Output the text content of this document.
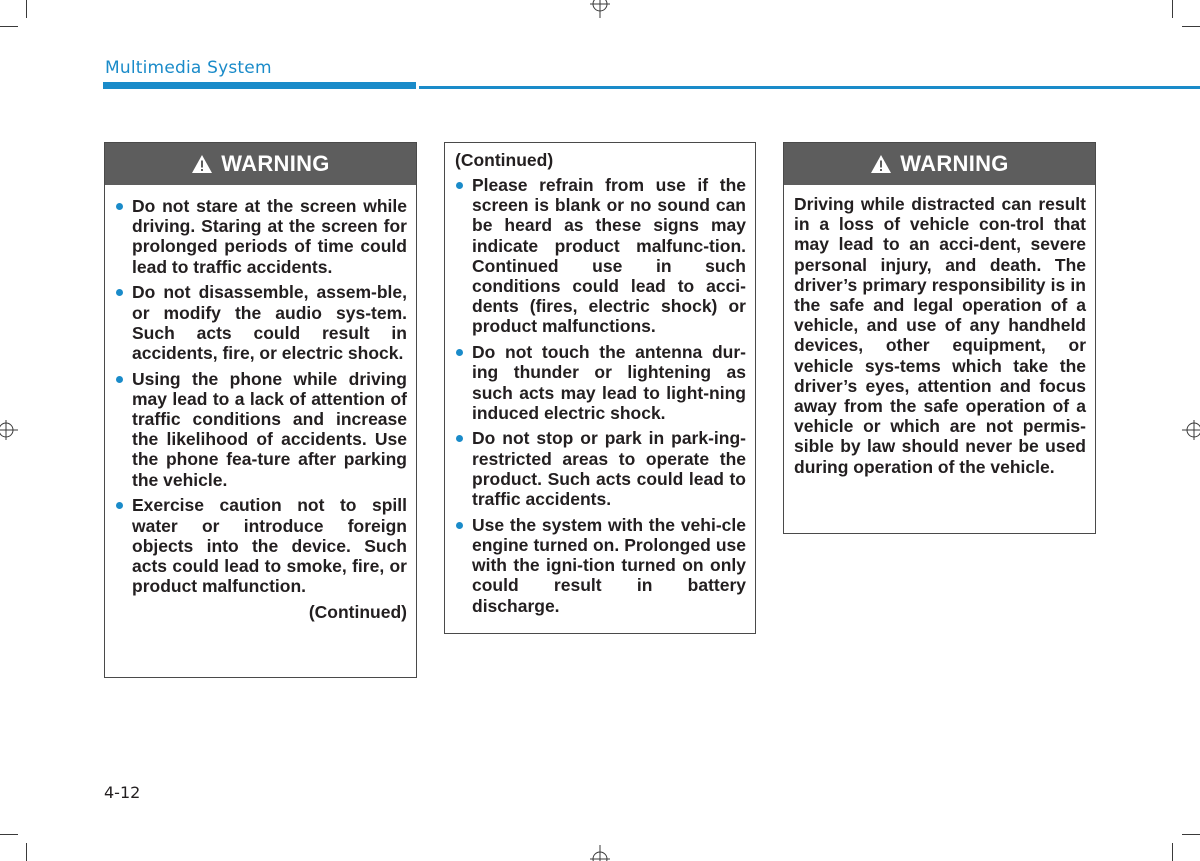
Multimedia System
WARNING
Do not stare at the screen while driving. Staring at the screen for prolonged periods of time could lead to traffic accidents.
Do not disassemble, assem-ble, or modify the audio sys-tem. Such acts could result in accidents, fire, or electric shock.
Using the phone while driving may lead to a lack of attention of traffic conditions and increase the likelihood of accidents. Use the phone fea-ture after parking the vehicle.
Exercise caution not to spill water or introduce foreign objects into the device. Such acts could lead to smoke, fire, or product malfunction.
(Continued)
(Continued)
Please refrain from use if the screen is blank or no sound can be heard as these signs may indicate product malfunc-tion. Continued use in such conditions could lead to acci-dents (fires, electric shock) or product malfunctions.
Do not touch the antenna dur-ing thunder or lightening as such acts may lead to light-ning induced electric shock.
Do not stop or park in park-ing-restricted areas to operate the product. Such acts could lead to traffic accidents.
Use the system with the vehi-cle engine turned on. Prolonged use with the igni-tion turned on only could result in battery discharge.
WARNING
Driving while distracted can result in a loss of vehicle con-trol that may lead to an acci-dent, severe personal injury, and death. The driver’s primary responsibility is in the safe and legal operation of a vehicle, and use of any handheld devices, other equipment, or vehicle sys-tems which take the driver’s eyes, attention and focus away from the safe operation of a vehicle or which are not permis-sible by law should never be used during operation of the vehicle.
4-12
